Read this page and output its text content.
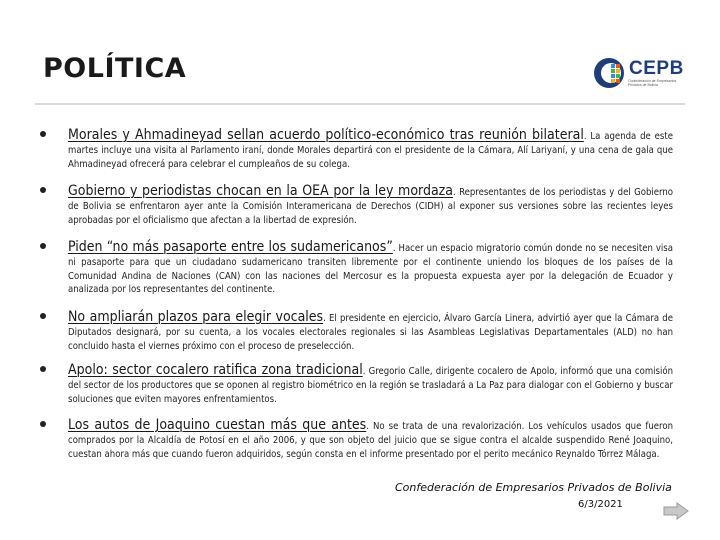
POLÍTICA	CEPB
Confederación de Empresarios Privados de Bolivia
Morales y Ahmadineyad sellan acuerdo político-económico tras reunión bilateral. La agenda de este martes incluye una visita al Parlamento iraní, donde Morales departirá con el presidente de la Cámara, Alí Lariyaní, y una cena de gala que Ahmadineyad ofrecerá para celebrar el cumpleaños de su colega.
Gobierno y periodistas chocan en la OEA por la ley mordaza. Representantes de los periodistas y del Gobierno de Bolivia se enfrentaron ayer ante la Comisión Interamericana de Derechos (CIDH) al exponer sus versiones sobre las recientes leyes aprobadas por el oficialismo que afectan a la libertad de expresión.
Piden “no más pasaporte entre los sudamericanos”. Hacer un espacio migratorio común donde no se necesiten visa ni pasaporte para que un ciudadano sudamericano transiten libremente por el continente uniendo los bloques de los países de la Comunidad Andina de Naciones (CAN) con las naciones del Mercosur es la propuesta expuesta ayer por la delegación de Ecuador y analizada por los representantes del continente.
No ampliarán plazos para elegir vocales. El presidente en ejercicio, Álvaro García Linera, advirtió ayer que la Cámara de Diputados designará, por su cuenta, a los vocales electorales regionales si las Asambleas Legislativas Departamentales (ALD) no han concluido hasta el viernes próximo con el proceso de preselección.
Apolo: sector cocalero ratifica zona tradicional. Gregorio Calle, dirigente cocalero de Apolo, informó que una comisión del sector de los productores que se oponen al registro biométrico en la región se trasladará a La Paz para dialogar con el Gobierno y buscar soluciones que eviten mayores enfrentamientos.
Los autos de Joaquino cuestan más que antes. No se trata de una revalorización. Los vehículos usados que fueron comprados por la Alcaldía de Potosí en el año 2006, y que son objeto del juicio que se sigue contra el alcalde suspendido René Joaquino, cuestan ahora más que cuando fueron adquiridos, según consta en el informe presentado por el perito mecánico Reynaldo Tórrez Málaga.
Confederación de Empresarios Privados de Bolivia
6/3/2021
